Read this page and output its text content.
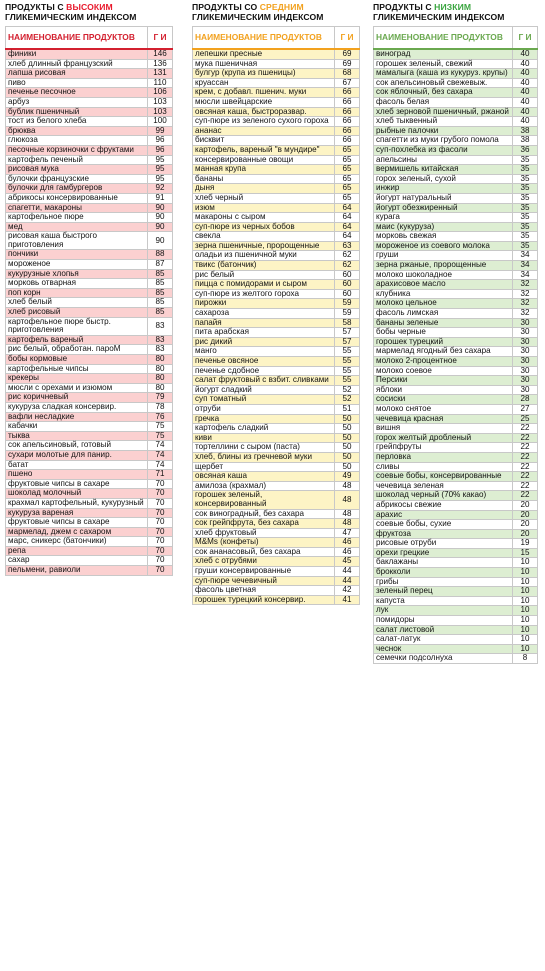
ПРОДУКТЫ С ВЫСОКИМ
ГЛИКЕМИЧЕСКИМ ИНДЕКСОМ
НАИМЕНОВАНИЕ ПРОДУКТОВ	Г И
финики	146
хлеб длинный французский	136
лапша рисовая	131
пиво	110
печенье песочное	106
арбуз	103
бублик пшеничный	103
тост из белого хлеба	100
брюква	99
глюкоза	96
песочные корзиночки с фруктами	96
картофель печеный	95
рисовая мука	95
булочки французские	95
булочки для гамбургеров	92
абрикосы консервированные	91
спагетти, макароны	90
картофельное пюре	90
мед	90
рисовая каша быстрого приготовления	90
пончики	88
мороженое	87
кукурузные хлопья	85
морковь отварная	85
поп корн	85
хлеб белый	85
хлеб рисовый	85
картофельное пюре быстр. приготовления	83
картофель вареный	83
рис белый, обработан. пароM	83
бобы кормовые	80
картофельные чипсы	80
крекеры	80
мюсли с орехами и изюмом	80
рис коричневый	79
кукуруза сладкая консервир.	78
вафли несладкие	76
кабачки	75
тыква	75
сок апельсиновый, готовый	74
сухари молотые для панир.	74
батат	74
пшено	71
фруктовые чипсы в сахаре	70
шоколад молочный	70
крахмал картофельный, кукурузный	70
кукуруза вареная	70
фруктовые чипсы в сахаре	70
мармелад, джем с сахаром	70
марс, сникерс (батончики)	70
репа	70
сахар	70
пельмени, равиоли	70
ПРОДУКТЫ СО СРЕДНИМ
ГЛИКЕМИЧЕСКИМ ИНДЕКСОМ
НАИМЕНОВАНИЕ ПРОДУКТОВ	Г И
лепешки пресные	69
мука пшеничная	69
булгур (крупа из пшеницы)	68
круассан	67
крем, с добавл. пшенич. муки	66
мюсли швейцарские	66
овсяная каша, быстроразвар.	66
суп-пюре из зеленого сухого гороха	66
ананас	66
бисквит	66
картофель, вареный "в мундире"	65
консервированные овощи	65
манная крупа	65
бананы	65
дыня	65
хлеб черный	65
изюм	64
макароны с сыром	64
суп-пюре из черных бобов	64
свекла	64
зерна пшеничные, пророщенные	63
оладьи из пшеничной муки	62
твикс (батончик)	62
рис белый	60
пицца с помидорами и сыром	60
суп-пюре из желтого гороха	60
пирожки	59
сахароза	59
папайя	58
пита арабская	57
рис дикий	57
манго	55
печенье овсяное	55
печенье сдобное	55
салат фруктовый с взбит. сливками	55
йогурт сладкий	52
суп томатный	52
отруби	51
гречка	50
картофель сладкий	50
киви	50
тортеллини с сыром (паста)	50
хлеб, блины из гречневой муки	50
щербет	50
овсяная каша	49
амилоза (крахмал)	48
горошек зеленый, консервированный	48
сок виноградный, без сахара	48
сок грейпфрута, без сахара	48
хлеб фруктовый	47
M&Ms (конфеты)	46
сок ананасовый, без сахара	46
хлеб с отрубями	45
груши консервированные	44
суп-пюре чечевичный	44
фасоль цветная	42
горошек турецкий консервир.	41
ПРОДУКТЫ С НИЗКИМ
ГЛИКЕМИЧЕСКИМ ИНДЕКСОМ
НАИМЕНОВАНИЕ ПРОДУКТОВ	Г И
виноград	40
горошек зеленый, свежий	40
мамалыга (каша из кукуруз. крупы)	40
сок апельсиновый свежевыж.	40
сок яблочный, без сахара	40
фасоль белая	40
хлеб зерновой пшеничный, ржаной	40
хлеб тыквенный	40
рыбные палочки	38
спагетти из муки грубого помола	38
суп-похлебка из фасоли	36
апельсины	35
вермишель китайская	35
горох зеленый, сухой	35
инжир	35
йогурт натуральный	35
йогурт обезжиренный	35
курага	35
маис (кукуруза)	35
морковь свежая	35
мороженое из соевого молока	35
груши	34
зерна ржаные, пророщенные	34
молоко шоколадное	34
арахисовое масло	32
клубника	32
молоко цельное	32
фасоль лимская	32
бананы зеленые	30
бобы черные	30
горошек турецкий	30
мармелад ягодный без сахара	30
молоко 2-процентное	30
молоко соевое	30
Персики	30
яблоки	30
сосиски	28
молоко снятое	27
чечевица красная	25
вишня	22
горох желтый дробленый	22
грейпфруты	22
перловка	22
сливы	22
соевые бобы, консервированные	22
чечевица зеленая	22
шоколад черный (70% какао)	22
абрикосы свежие	20
арахис	20
соевые бобы, сухие	20
фруктоза	20
рисовые отруби	19
орехи грецкие	15
баклажаны	10
брокколи	10
грибы	10
зеленый перец	10
капуста	10
лук	10
помидоры	10
салат листовой	10
салат-латук	10
чеснок	10
семечки подсолнуха	8
